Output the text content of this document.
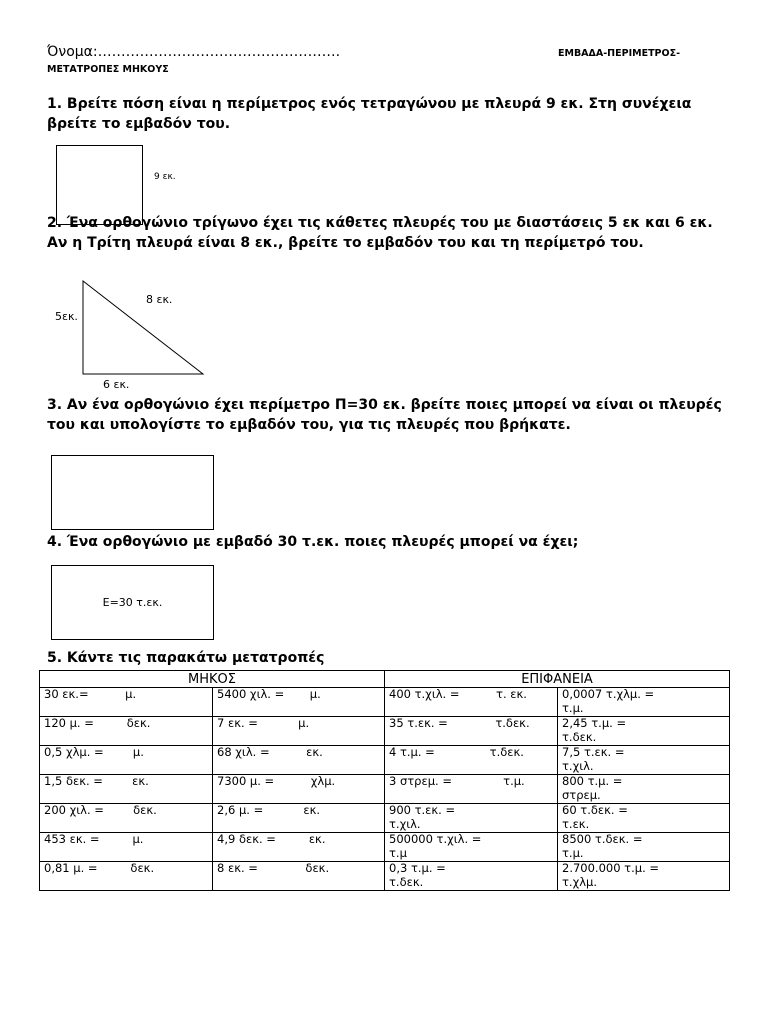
Όνομα:…………………………………………….	ΕΜΒΑΔΑ-ΠΕΡΙΜΕΤΡΟΣ-
ΜΕΤΑΤΡΟΠΕΣ ΜΗΚΟΥΣ
1. Βρείτε πόση είναι η περίμετρος ενός τετραγώνου με πλευρά 9 εκ. Στη συνέχεια βρείτε το εμβαδόν του.
9 εκ.
2. Ένα ορθογώνιο τρίγωνο έχει τις κάθετες πλευρές του με διαστάσεις 5 εκ και 6 εκ. Αν η Τρίτη πλευρά είναι 8 εκ., βρείτε το εμβαδόν του και τη περίμετρό του.
8 εκ.
5εκ.
6 εκ.
3. Αν ένα ορθογώνιο έχει περίμετρο Π=30 εκ. βρείτε ποιες μπορεί να είναι οι πλευρές του και υπολογίστε το εμβαδόν του, για τις πλευρές που βρήκατε.
4. Ένα ορθογώνιο με εμβαδό 30 τ.εκ. ποιες πλευρές μπορεί να έχει;
Ε=30 τ.εκ.
5. Κάντε τις παρακάτω μετατροπές
ΜΗΚΟΣ		ΕΠΙΦΑΝΕΙΑ	
30 εκ.=          μ.	5400 χιλ. =       μ.	400 τ.χιλ. =          τ. εκ.	0,0007 τ.χλμ. =
τ.μ.
120 μ. =         δεκ.	7 εκ. =           μ.	35 τ.εκ. =             τ.δεκ.	2,45 τ.μ. =
τ.δεκ.
0,5 χλμ. =        μ.	68 χιλ. =          εκ.	4 τ.μ. =               τ.δεκ.	7,5 τ.εκ. =
τ.χιλ.
1,5 δεκ. =        εκ.	7300 μ. =          χλμ.	3 στρεμ. =              τ.μ.	800 τ.μ. =
στρεμ.
200 χιλ. =        δεκ.	2,6 μ. =           εκ.	900 τ.εκ. =
τ.χιλ.	60 τ.δεκ. =
τ.εκ.
453 εκ. =         μ.	4,9 δεκ. =         εκ.	500000 τ.χιλ. =
τ.μ	8500 τ.δεκ. =
τ.μ.
0,81 μ. =         δεκ.	8 εκ. =             δεκ.	0,3 τ.μ. =
τ.δεκ.	2.700.000 τ.μ. =
τ.χλμ.
